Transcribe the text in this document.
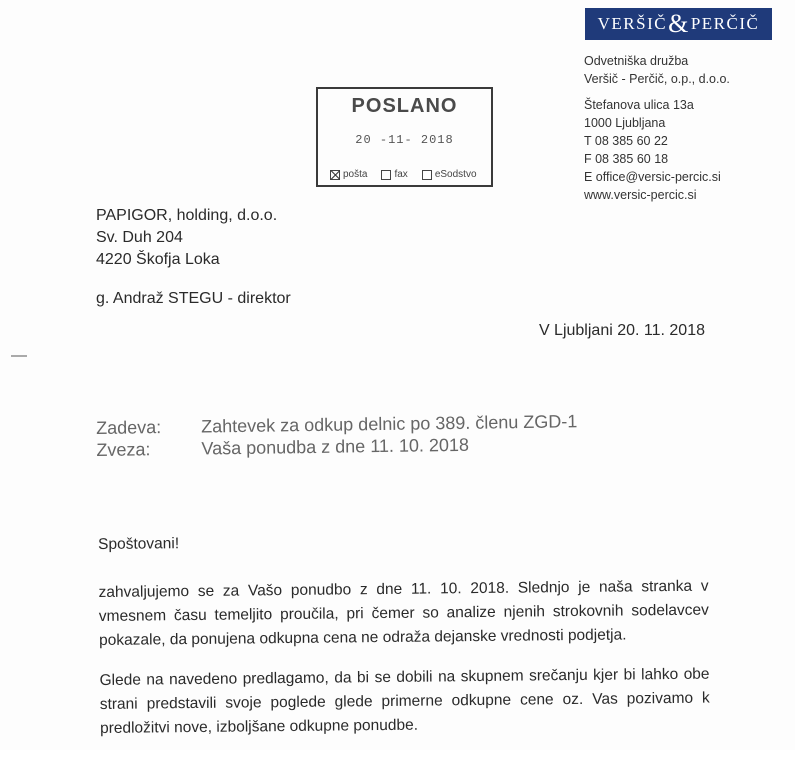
VERŠIČ & PERČIČ
Odvetniška družba
Veršič - Perčič, o.p., d.o.o.
Štefanova ulica 13a
1000 Ljubljana
T 08 385 60 22
F 08 385 60 18
E office@versic-percic.si
www.versic-percic.si
POSLANO
20 -11- 2018
pošta	fax	eSodstvo
PAPIGOR, holding, d.o.o.
Sv. Duh 204
4220 Škofja Loka
g. Andraž STEGU - direktor
V Ljubljani 20. 11. 2018
Zadeva:	Zahtevek za odkup delnic po 389. členu ZGD-1
Zveza:	Vaša ponudba z dne 11. 10. 2018

Spoštovani!

zahvaljujemo se za Vašo ponudbo z dne 11. 10. 2018. Slednjo je naša stranka v vmesnem času temeljito proučila, pri čemer so analize njenih strokovnih sodelavcev pokazale, da ponujena odkupna cena ne odraža dejanske vrednosti podjetja.

Glede na navedeno predlagamo, da bi se dobili na skupnem srečanju kjer bi lahko obe strani predstavili svoje poglede glede primerne odkupne cene oz. Vas pozivamo k predložitvi nove, izboljšane odkupne ponudbe.
